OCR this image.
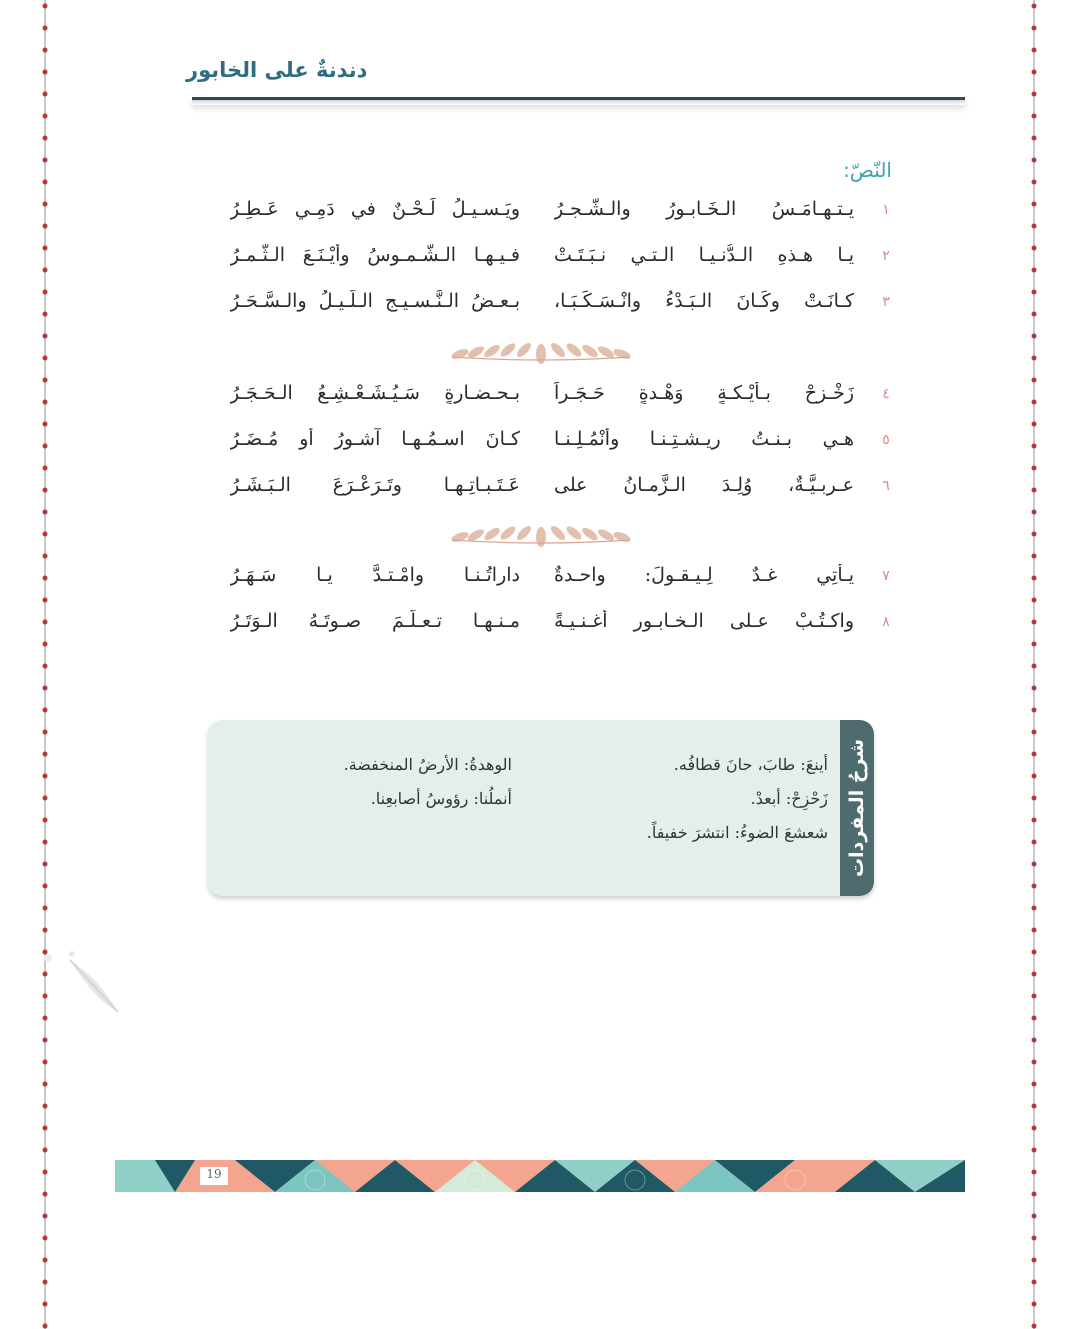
دندنةٌ على الخابور
النّصّ:
١
يـتـهـامَـسُ الـخَـابـورُ والـشَّـجـرُ
ويَـسـيـلُ لَـحْـنٌ في دَمِـي عَـطِـرُ
٢
يـا هـذهِ الـدُّنـيـا الـتـي نـبَـتَـتْ
فـيـهـا الـشُّـمـوسُ وأيْـنَـعَ الـثَّـمـرُ
٣
كـانَـتْ وكَـانَ الـبَـدْءُ وانْـسَـكَـبَـا،
بـعـضُ الـنَّـسـيـجِ الـلَّـيـلُ والـسَّـحَـرُ
٤
زَخْـزِحْ بـأيْـكـةٍ وَهْـدةٍ حَـجَـراً
بـحـضـارةٍ سَـيُـشَـعْـشِـعُ الـحَـجَـرُ
٥
هـي بـنـتُ ريـشـتِـنـا وأنْمُـلِـنـا
كـانَ اسـمُـهـا آشـورُ أو مُـضَـرُ
٦
عـربـيَّـةٌ، وُلِـدَ الـزَّمـانُ على
عَـتَـبـاتِـهـا وتَـرَعْـرَعَ الـبَـشَـرُ
٧
يـأتِي غـدٌ لِـيـقـولَ: واحـدةٌ
داراتُـنـا وامْـتـدَّ يـا سَـهَـرُ
٨
واكـتُـبْ عـلى الـخـابـورِ أغـنـيـةً
مـنـهـا تـعـلَّـمَ صـوتَـهُ الـوَتَـرُ
شرحُ المفردات
أينعَ: طابَ، حانَ قطافُه.
زَحْزِحْ: أبعدْ.
شعشعَ الضوءُ: انتشرَ خفيفاً.
الوهدةُ: الأرضُ المنخفضة.
أنملُنا: رؤوسُ أصابعِنا.
19
